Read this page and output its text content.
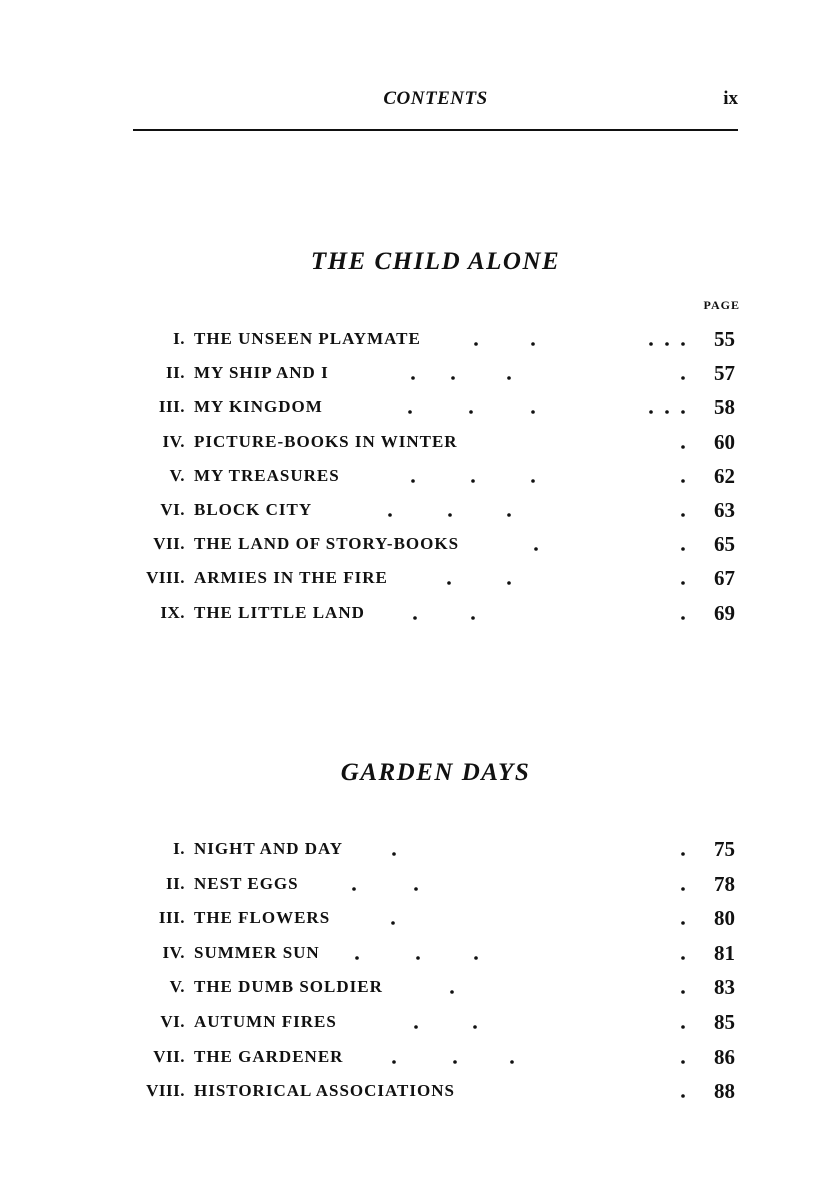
CONTENTS	ix
THE CHILD ALONE
PAGE
I. THE UNSEEN PLAYMATE	55
II. MY SHIP AND I	57
III. MY KINGDOM	58
IV. PICTURE-BOOKS IN WINTER	60
V. MY TREASURES	62
VI. BLOCK CITY	63
VII. THE LAND OF STORY-BOOKS	65
VIII. ARMIES IN THE FIRE	67
IX. THE LITTLE LAND	69
GARDEN DAYS
I. NIGHT AND DAY	75
II. NEST EGGS	78
III. THE FLOWERS	80
IV. SUMMER SUN	81
V. THE DUMB SOLDIER	83
VI. AUTUMN FIRES	85
VII. THE GARDENER	86
VIII. HISTORICAL ASSOCIATIONS	88
